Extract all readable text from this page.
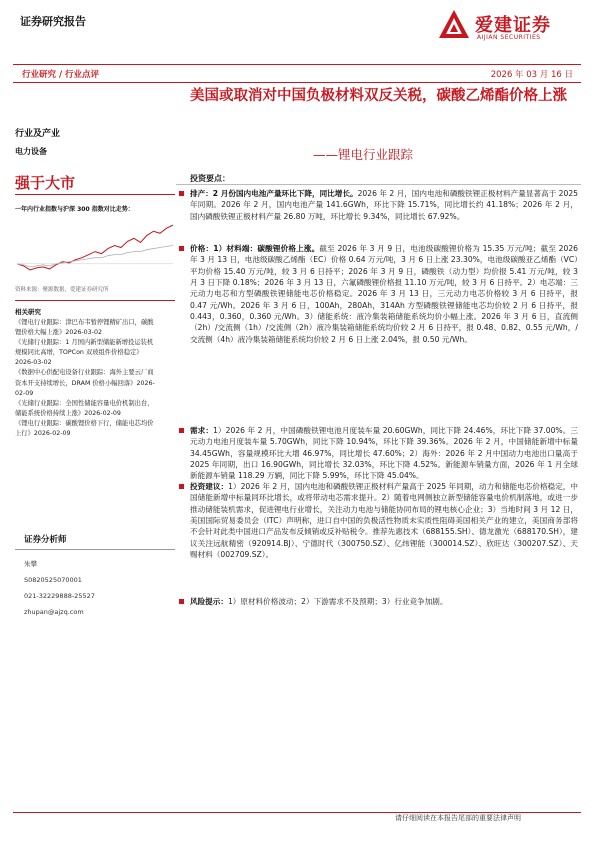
证券研究报告	爱建证券
AIJIAN SECURITIES
行业研究 / 行业点评	2026 年 03 月 16 日
美国或取消对中国负极材料双反关税，碳酸乙烯酯价格上涨
——锂电行业跟踪
行业及产业
电力设备
强于大市
一年内行业指数与沪深 300 指数对比走势：
资料来源：聚源数据，爱建证券研究所
相关研究
《锂电行业跟踪：津巴布韦暂停锂精矿出口，碳酸锂价格大幅上涨》2026-03-02
《光储行业跟踪：1 月国内新型储能新增投运装机规模同比高增，TOPCon 双玻组件价格稳定》2026-03-02
《数据中心供配电设备行业跟踪：海外主要云厂商资本开支持续增长，DRAM 价格小幅回落》2026-02-09
《光储行业跟踪：全国性储能容量电价机制出台，储能系统价格持续上涨》2026-02-09
《锂电行业跟踪：碳酸锂价格下行，储能电芯均价上行》2026-02-09
证券分析师
朱攀
S0820525070001
021-32229888-25527
zhupan@ajzq.com
投资要点：
排产：2 月份国内电池产量环比下降，同比增长。2026 年 2 月，国内电池和磷酸铁锂正极材料产量显著高于 2025 年同期。2026 年 2 月，国内电池产量 141.6GWh，环比下降 15.71%，同比增长约 41.18%；2026 年 2 月，国内磷酸铁锂正极材料产量 26.80 万吨，环比增长 9.34%，同比增长 67.92%。
价格：1）材料端：碳酸锂价格上涨。截至 2026 年 3 月 9 日，电池级碳酸锂价格为 15.35 万元/吨；截至 2026 年 3 月 13 日，电池级碳酸乙烯酯（EC）价格 0.64 万元/吨，3 月 6 日上涨 23.30%，电池级碳酸亚乙烯酯（VC）平均价格 15.40 万元/吨，较 3 月 6 日持平；2026 年 3 月 9 日，磷酸铁（动力型）均价报 5.41 万元/吨，较 3 月 3 日下降 0.18%；2026 年 3 月 13 日，六氟磷酸锂价格报 11.10 万元/吨，较 3 月 6 日持平。2）电芯端：三元动力电芯和方型磷酸铁锂储能电芯价格稳定。2026 年 3 月 13 日，三元动力电芯价格较 3 月 6 日持平，报 0.47 元/Wh。2026 年 3 月 6 日，100Ah，280Ah，314Ah 方型磷酸铁锂储能电芯均价较 2 月 6 日持平，报 0.443，0.360，0.360 元/Wh。3）储能系统：液冷集装箱储能系统均价小幅上涨。2026 年 3 月 6 日，直流侧（2h）/交流侧（1h）/交流侧（2h）液冷集装箱储能系统均价较 2 月 6 日持平，报 0.48、0.82、0.55 元/Wh，/交流侧（4h）液冷集装箱储能系统均价较 2 月 6 日上涨 2.04%，报 0.50 元/Wh。
需求：1）2026 年 2 月，中国磷酸铁锂电池月度装车量 20.60GWh，同比下降 24.46%，环比下降 37.00%。三元动力电池月度装车量 5.70GWh，同比下降 10.94%，环比下降 39.36%。2026 年 2 月，中国储能新增中标量 34.45GWh，容量规模环比大增 46.97%，同比增长 47.60%；2）海外：2026 年 2 月中国动力电池出口量高于 2025 年同期，出口 16.90GWh，同比增长 32.03%，环比下降 4.52%。新能源车销量方面，2026 年 1 月全球新能源车销量 118.29 万辆，同比下降 5.99%，环比下降 45.04%。
投资建议：1）2026 年 2 月，国内电池和磷酸铁锂正极材料产量高于 2025 年同期，动力和储能电芯价格稳定，中国储能新增中标量同环比增长，或将带动电芯需求提升。2）随着电网侧独立新型储能容量电价机制落地，或进一步推动储能装机需求，促进锂电行业增长，关注动力电池与储能协同布局的锂电核心企业；3）当地时间 3 月 12 日，美国国际贸易委员会（ITC）声明称，进口自中国的负极活性物质未实质性阻碍美国相关产业的建立，美国商务部将不会针对此类中国进口产品发布反倾销或反补贴税令。推荐先惠技术（688155.SH）、德龙激光（688170.SH），建议关注远航精密（920914.BJ）、宁德时代（300750.SZ）、亿纬锂能（300014.SZ）、欣旺达（300207.SZ）、天赐材料（002709.SZ）。
风险提示：1）原材料价格波动；2）下游需求不及预期；3）行业竞争加剧。
请仔细阅读在本报告尾部的重要法律声明
